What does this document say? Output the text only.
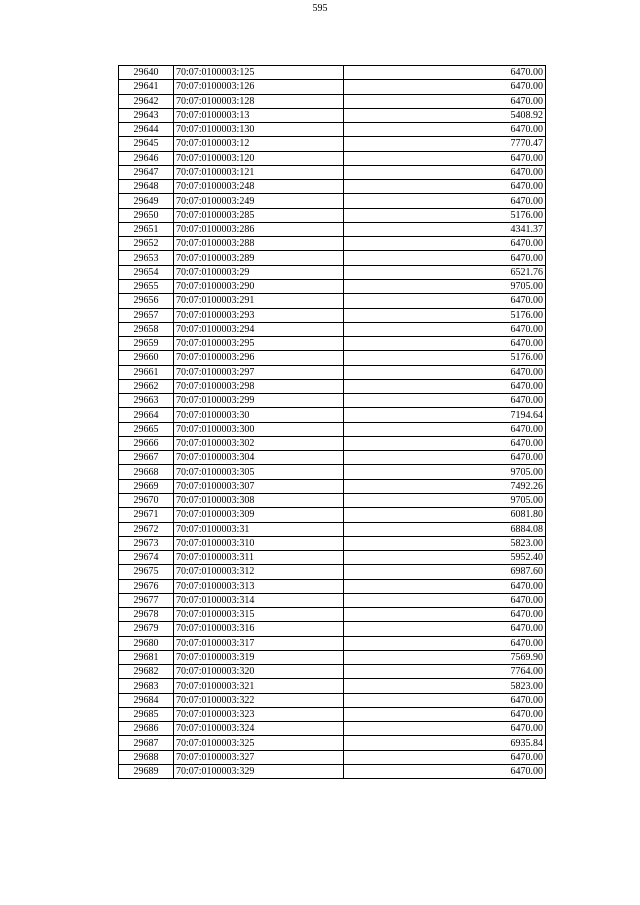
595
29640	70:07:0100003:125	6470.00
29641	70:07:0100003:126	6470.00
29642	70:07:0100003:128	6470.00
29643	70:07:0100003:13	5408.92
29644	70:07:0100003:130	6470.00
29645	70:07:0100003:12	7770.47
29646	70:07:0100003:120	6470.00
29647	70:07:0100003:121	6470.00
29648	70:07:0100003:248	6470.00
29649	70:07:0100003:249	6470.00
29650	70:07:0100003:285	5176.00
29651	70:07:0100003:286	4341.37
29652	70:07:0100003:288	6470.00
29653	70:07:0100003:289	6470.00
29654	70:07:0100003:29	6521.76
29655	70:07:0100003:290	9705.00
29656	70:07:0100003:291	6470.00
29657	70:07:0100003:293	5176.00
29658	70:07:0100003:294	6470.00
29659	70:07:0100003:295	6470.00
29660	70:07:0100003:296	5176.00
29661	70:07:0100003:297	6470.00
29662	70:07:0100003:298	6470.00
29663	70:07:0100003:299	6470.00
29664	70:07:0100003:30	7194.64
29665	70:07:0100003:300	6470.00
29666	70:07:0100003:302	6470.00
29667	70:07:0100003:304	6470.00
29668	70:07:0100003:305	9705.00
29669	70:07:0100003:307	7492.26
29670	70:07:0100003:308	9705.00
29671	70:07:0100003:309	6081.80
29672	70:07:0100003:31	6884.08
29673	70:07:0100003:310	5823.00
29674	70:07:0100003:311	5952.40
29675	70:07:0100003:312	6987.60
29676	70:07:0100003:313	6470.00
29677	70:07:0100003:314	6470.00
29678	70:07:0100003:315	6470.00
29679	70:07:0100003:316	6470.00
29680	70:07:0100003:317	6470.00
29681	70:07:0100003:319	7569.90
29682	70:07:0100003:320	7764.00
29683	70:07:0100003:321	5823.00
29684	70:07:0100003:322	6470.00
29685	70:07:0100003:323	6470.00
29686	70:07:0100003:324	6470.00
29687	70:07:0100003:325	6935.84
29688	70:07:0100003:327	6470.00
29689	70:07:0100003:329	6470.00
